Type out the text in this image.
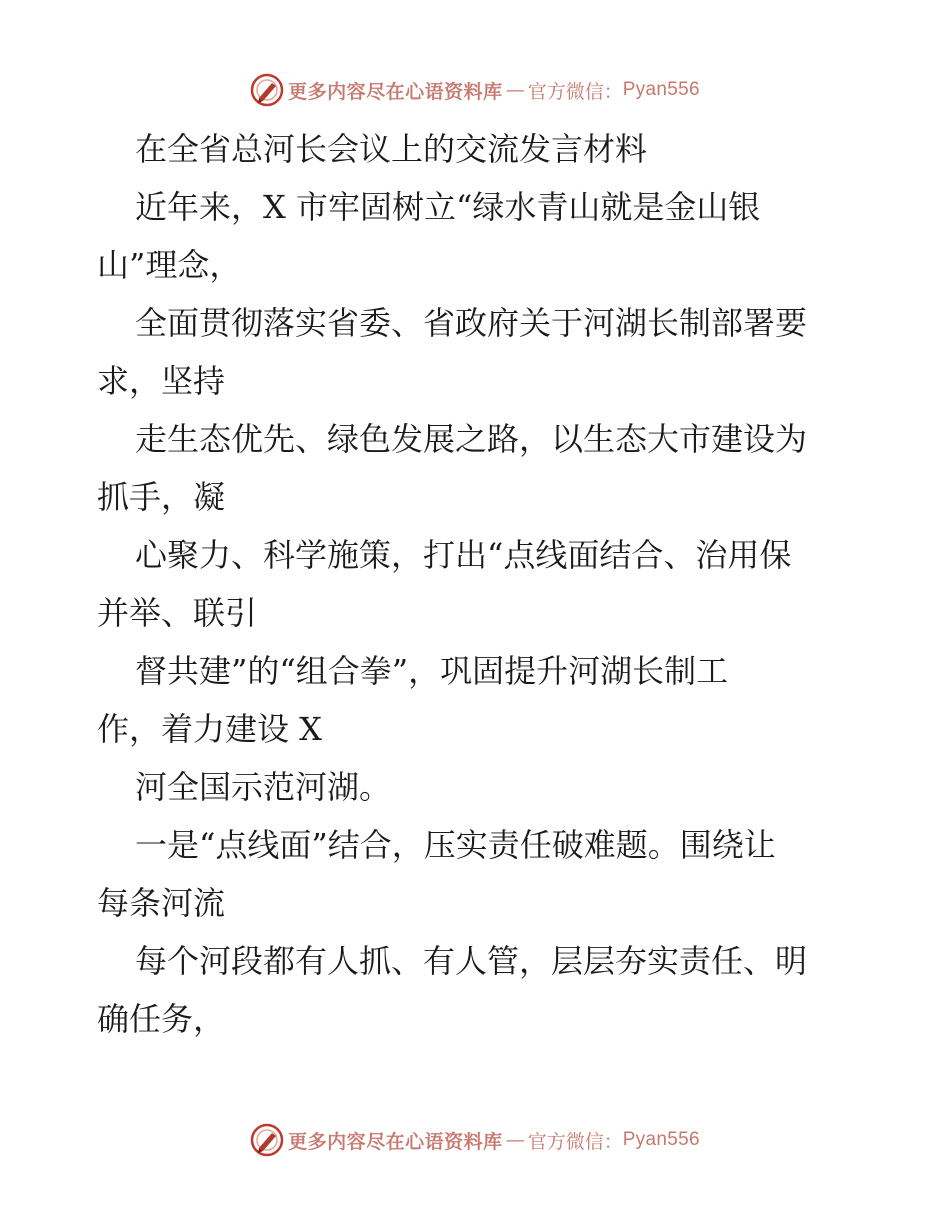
更多内容尽在心语资料库 — 官方微信： Pyan556

在全省总河长会议上的交流发言材料

近年来，X 市牢固树立“绿水青山就是金山银

山”理念，

全面贯彻落实省委、省政府关于河湖长制部署要

求，坚持

走生态优先、绿色发展之路，以生态大市建设为

抓手，凝

心聚力、科学施策，打出“点线面结合、治用保

并举、联引

督共建”的“组合拳”，巩固提升河湖长制工

作，着力建设 X

河全国示范河湖。

一是“点线面”结合，压实责任破难题。围绕让

每条河流

每个河段都有人抓、有人管，层层夯实责任、明

确任务，

更多内容尽在心语资料库 — 官方微信： Pyan556
